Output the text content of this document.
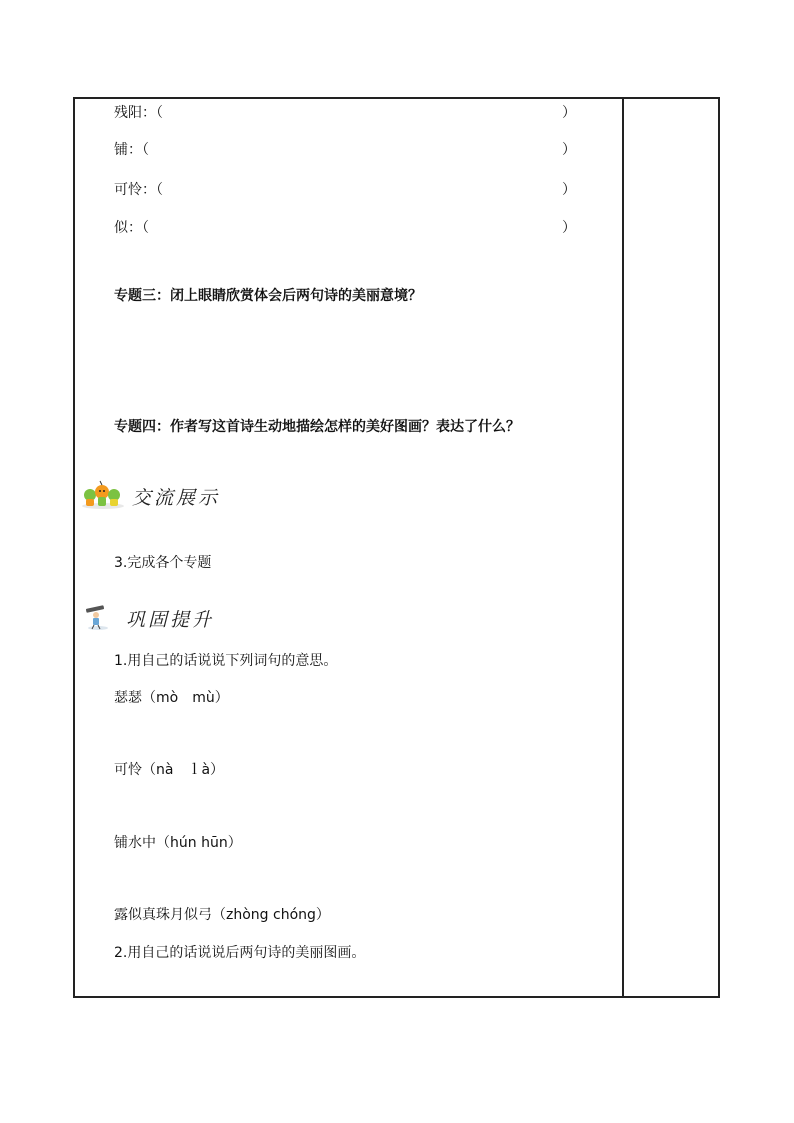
残阳：（	）
铺：（	）
可怜：（	）
似：（	）
专题三：闭上眼睛欣赏体会后两句诗的美丽意境？
专题四：作者写这首诗生动地描绘怎样的美好图画？表达了什么？
交流展示
3.完成各个专题
巩固提升
1.用自己的话说说下列词句的意思。
瑟瑟（mò　mù）
可怜（nà　ｌà）
铺水中（hún hūn）
露似真珠月似弓（zhòng chóng）
2.用自己的话说说后两句诗的美丽图画。
